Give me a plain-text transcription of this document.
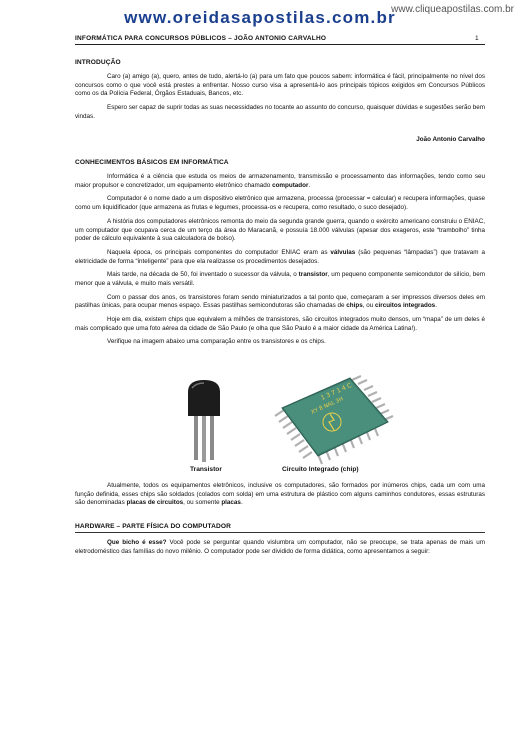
www.oreidasapostilas.com.br
www.cliqueapostilas.com.br
INFORMÁTICA PARA CONCURSOS PÚBLICOS – JOÃO ANTONIO CARVALHO	1

INTRODUÇÃO

Caro (a) amigo (a), quero, antes de tudo, alertá-lo (a) para um fato que poucos sabem: informática é fácil, principalmente no nível dos concursos como o que você está prestes a enfrentar. Nosso curso visa a apresentá-lo aos principais tópicos exigidos em Concursos Públicos como os da Polícia Federal, Órgãos Estaduais, Bancos, etc.

Espero ser capaz de suprir todas as suas necessidades no tocante ao assunto do concurso, quaisquer dúvidas e sugestões serão bem vindas.

João Antonio Carvalho

CONHECIMENTOS BÁSICOS EM INFORMÁTICA

Informática é a ciência que estuda os meios de armazenamento, transmissão e processamento das informações, tendo como seu maior propulsor e concretizador, um equipamento eletrônico chamado computador.

Computador é o nome dado a um dispositivo eletrônico que armazena, processa (processar = calcular) e recupera informações, quase como um liquidificador (que armazena as frutas e legumes, processa-os e recupera, como resultado, o suco desejado).

A história dos computadores eletrônicos remonta do meio da segunda grande guerra, quando o exército americano construiu o ENIAC, um computador que ocupava cerca de um terço da área do Maracanã, e possuía 18.000 válvulas (apesar dos exageros, este “trambolho” tinha poder de cálculo equivalente à sua calculadora de bolso).

Naquela época, os principais componentes do computador ENIAC eram as válvulas (são pequenas “lâmpadas”) que tratavam a eletricidade de forma “inteligente” para que ela realizasse os procedimentos desejados.

Mais tarde, na década de 50, foi inventado o sucessor da válvula, o transistor, um pequeno componente semicondutor de silício, bem menor que a válvula, e muito mais versátil.

Com o passar dos anos, os transistores foram sendo miniaturizados a tal ponto que, começaram a ser impressos diversos deles em pastilhas únicas, para ocupar menos espaço. Essas pastilhas semicondutoras são chamadas de chips, ou circuitos integrados.

Hoje em dia, existem chips que equivalem a milhões de transistores, são circuitos integrados muito densos, um “mapa” de um deles é mais complicado que uma foto aérea da cidade de São Paulo (e olha que São Paulo é a maior cidade da América Latina!).

Verifique na imagem abaixo uma comparação entre os transistores e os chips.

1 3 7 1 4 C
XY 8 NAL 3H
Transistor	Circuito Integrado (chip)

Atualmente, todos os equipamentos eletrônicos, inclusive os computadores, são formados por inúmeros chips, cada um com uma função definida, esses chips são soldados (colados com solda) em uma estrutura de plástico com alguns caminhos condutores, essas estruturas são denominadas placas de circuitos, ou somente placas.

HARDWARE – PARTE FÍSICA DO COMPUTADOR

Que bicho é esse? Você pode se perguntar quando vislumbra um computador, não se preocupe, se trata apenas de mais um eletrodoméstico das famílias do novo milênio. O computador pode ser dividido de forma didática, como apresentamos a seguir:
